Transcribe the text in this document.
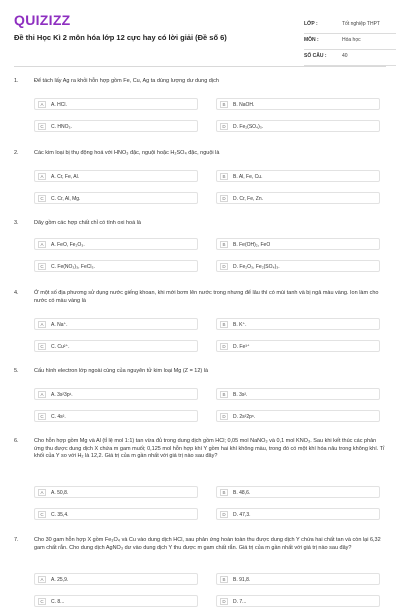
QUIZIZZ
Đề thi Học Kì 2 môn hóa lớp 12 cực hay có lời giải (Đề số 6)
LỚP :	Tốt nghiệp THPT
MÔN :	Hóa học
SỐ CÂU :	40
1.	Để tách lấy Ag ra khỏi hỗn hợp gồm Fe, Cu, Ag ta dùng lượng dư dung dịch
A	A. HCl.	B	B. NaOH.
C	C. HNO₃.	D	D. Fe₂(SO₄)₃.
2.	Các kim loại bị thụ động hoá với HNO₃ đặc, nguội hoặc H₂SO₄ đặc, nguội là
A	A. Cr, Fe, Al.	B	B. Al, Fe, Cu.
C	C. Cr, Al, Mg.	D	D. Cr, Fe, Zn.
3.	Dãy gồm các hợp chất chỉ có tính oxi hoá là
A	A. FeO, Fe₂O₃.	B	B. Fe(OH)₂, FeO
C	C. Fe(NO₃)₃, FeCl₃.	D	D. Fe₂O₃, Fe₂(SO₄)₃.
4.	Ở một số địa phương sử dụng nước giếng khoan, khi mới bơm lên nước trong nhưng để lâu thì có mùi tanh và bị ngả màu vàng. Ion làm cho nước có màu vàng là
A	A. Na⁺.	B	B. K⁺.
C	C. Cu²⁺.	D	D. Fe³⁺
5.	Cấu hình electron lớp ngoài cùng của nguyên tử kim loại Mg (Z = 12) là
A	A. 3s²3p¹.	B	B. 3s².
C	C. 4s².	D	D. 2s²2p⁶.
6.	Cho hỗn hợp gồm Mg và Al (tỉ lệ mol 1:1) tan vừa đủ trong dung dịch gồm HCl; 0,05 mol NaNO₃ và 0,1 mol KNO₃. Sau khi kết thúc các phản ứng thu được dung dịch X chứa m gam muối; 0,125 mol hỗn hợp khí Y gồm hai khí không màu, trong đó có một khí hóa nâu trong không khí. Tỉ khối của Y so với H₂ là 12,2. Giá trị của m gần nhất với giá trị nào sau đây?
A	A. 50,8.	B	B. 48,6.
C	C. 35,4.	D	D. 47,3.
7.	Cho 30 gam hỗn hợp X gồm Fe₃O₄ và Cu vào dung dịch HCl, sau phản ứng hoàn toàn thu được dung dịch Y chứa hai chất tan và còn lại 6,32 gam chất rắn. Cho dung dịch AgNO₃ dư vào dung dịch Y thu được m gam chất rắn. Giá trị của m gần nhất với giá trị nào sau đây?
A	A. 25,9.	B	B. 91,8.
C	C. 8...	D	D. 7...
